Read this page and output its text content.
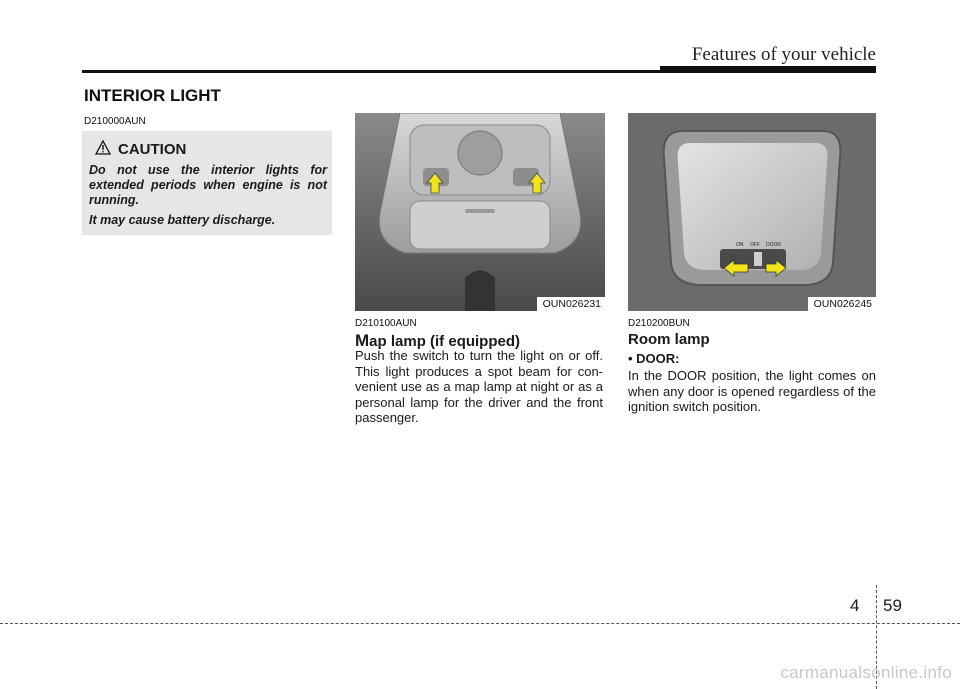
Features of your vehicle
INTERIOR LIGHT
D210000AUN
CAUTION

Do not use the interior lights for extended periods when engine is not running.

It may cause battery discharge.

OUN026231
ON OFF DOOR
OUN026245
D210100AUN
Map lamp (if equipped)
Push the switch to turn the light on or off. This light produces a spot beam for con-venient use as a map lamp at night or as a personal lamp for the driver and the front passenger.
D210200BUN
Room lamp
• DOOR:
In the DOOR position, the light comes on when any door is opened regardless of the ignition switch position.
4 59
carmanualsonline.info
